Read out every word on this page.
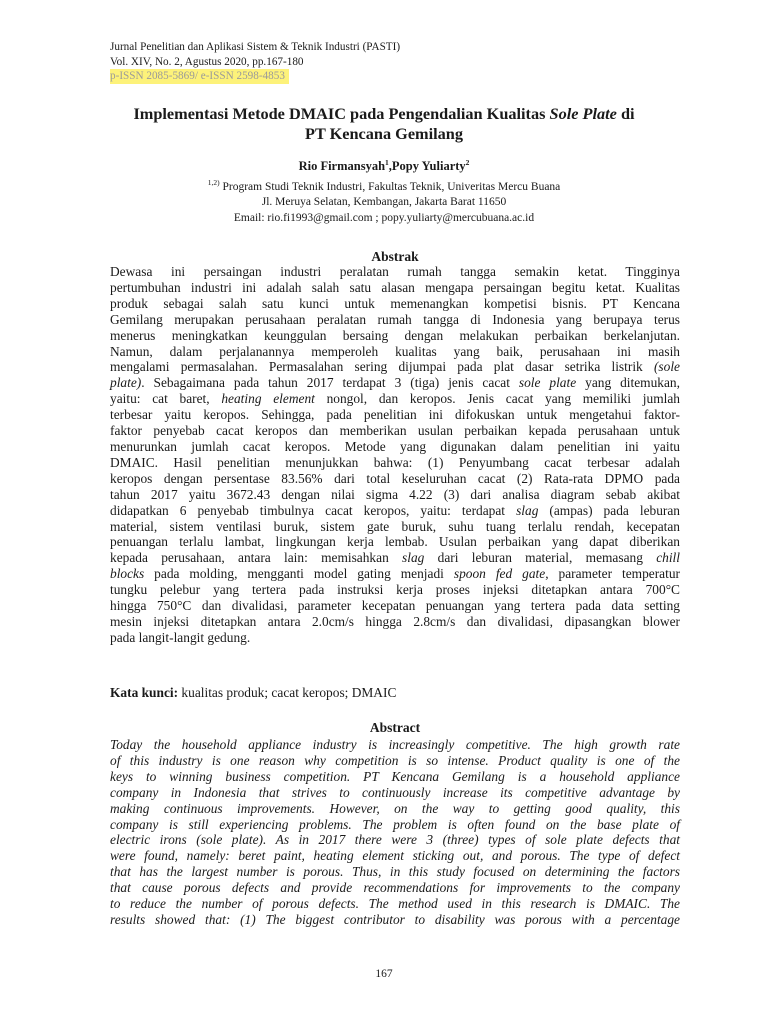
Jurnal Penelitian dan Aplikasi Sistem & Teknik Industri (PASTI)
Vol. XIV, No. 2, Agustus 2020, pp.167-180
p-ISSN 2085-5869/ e-ISSN 2598-4853
Implementasi Metode DMAIC pada Pengendalian Kualitas Sole Plate di
PT Kencana Gemilang
Rio Firmansyah$^1$,Popy Yuliarty$^2$
$^{1,2)}$ Program Studi Teknik Industri, Fakultas Teknik, Univeritas Mercu Buana
Jl. Meruya Selatan, Kembangan, Jakarta Barat 11650
Email: rio.fi1993@gmail.com ; popy.yuliarty@mercubuana.ac.id
Abstrak
Dewasa ini persaingan industri peralatan rumah tangga semakin ketat. Tingginya
pertumbuhan industri ini adalah salah satu alasan mengapa persaingan begitu ketat. Kualitas
produk sebagai salah satu kunci untuk memenangkan kompetisi bisnis. PT Kencana
Gemilang merupakan perusahaan peralatan rumah tangga di Indonesia yang berupaya terus
menerus meningkatkan keunggulan bersaing dengan melakukan perbaikan berkelanjutan.
Namun, dalam perjalanannya memperoleh kualitas yang baik, perusahaan ini masih
mengalami permasalahan. Permasalahan sering dijumpai pada plat dasar setrika listrik (sole
plate). Sebagaimana pada tahun 2017 terdapat 3 (tiga) jenis cacat sole plate yang ditemukan,
yaitu: cat baret, heating element nongol, dan keropos. Jenis cacat yang memiliki jumlah
terbesar yaitu keropos. Sehingga, pada penelitian ini difokuskan untuk mengetahui faktor-
faktor penyebab cacat keropos dan memberikan usulan perbaikan kepada perusahaan untuk
menurunkan jumlah cacat keropos. Metode yang digunakan dalam penelitian ini yaitu
DMAIC. Hasil penelitian menunjukkan bahwa: (1) Penyumbang cacat terbesar adalah
keropos dengan persentase 83.56% dari total keseluruhan cacat (2) Rata-rata DPMO pada
tahun 2017 yaitu 3672.43 dengan nilai sigma 4.22 (3) dari analisa diagram sebab akibat
didapatkan 6 penyebab timbulnya cacat keropos, yaitu: terdapat slag (ampas) pada leburan
material, sistem ventilasi buruk, sistem gate buruk, suhu tuang terlalu rendah, kecepatan
penuangan terlalu lambat, lingkungan kerja lembab. Usulan perbaikan yang dapat diberikan
kepada perusahaan, antara lain: memisahkan slag dari leburan material, memasang chill
blocks pada molding, mengganti model gating menjadi spoon fed gate, parameter temperatur
tungku pelebur yang tertera pada instruksi kerja proses injeksi ditetapkan antara 700°C
hingga 750°C dan divalidasi, parameter kecepatan penuangan yang tertera pada data setting
mesin injeksi ditetapkan antara 2.0cm/s hingga 2.8cm/s dan divalidasi, dipasangkan blower
pada langit-langit gedung.
Kata kunci: kualitas produk; cacat keropos; DMAIC
Abstract
Today the household appliance industry is increasingly competitive. The high growth rate
of this industry is one reason why competition is so intense. Product quality is one of the
keys to winning business competition. PT Kencana Gemilang is a household appliance
company in Indonesia that strives to continuously increase its competitive advantage by
making continuous improvements. However, on the way to getting good quality, this
company is still experiencing problems. The problem is often found on the base plate of
electric irons (sole plate). As in 2017 there were 3 (three) types of sole plate defects that
were found, namely: beret paint, heating element sticking out, and porous. The type of defect
that has the largest number is porous. Thus, in this study focused on determining the factors
that cause porous defects and provide recommendations for improvements to the company
to reduce the number of porous defects. The method used in this research is DMAIC. The
results showed that: (1) The biggest contributor to disability was porous with a percentage
167
